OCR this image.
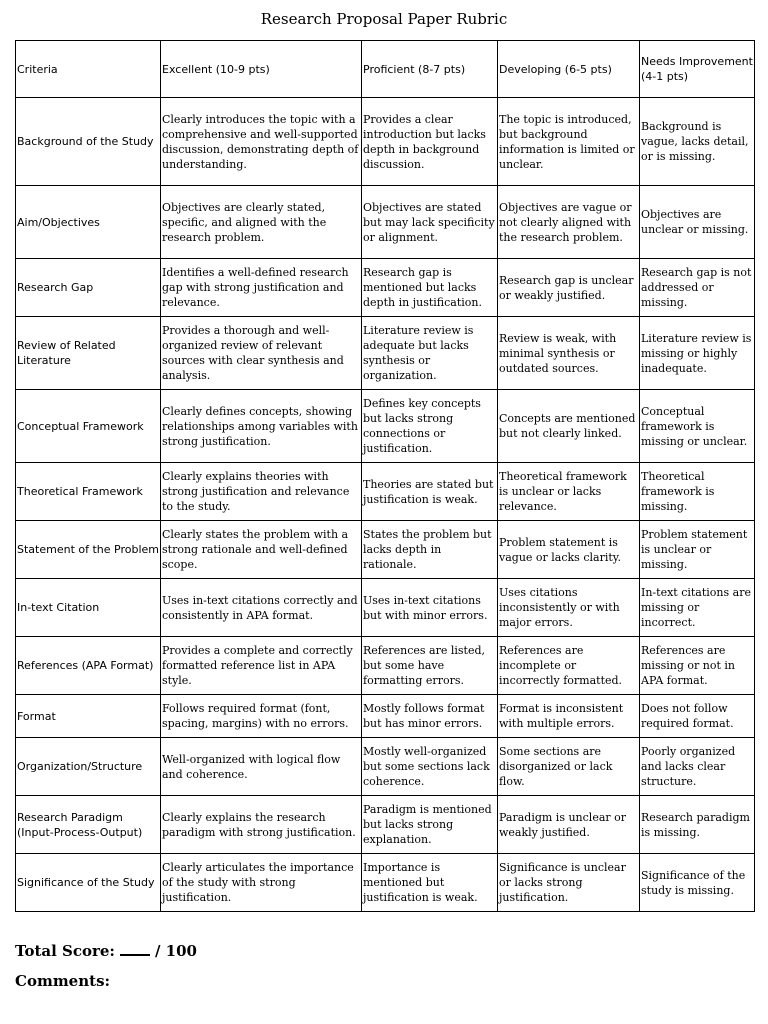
Research Proposal Paper Rubric
Criteria	Excellent (10-9 pts)	Proficient (8-7 pts)	Developing (6-5 pts)	Needs Improvement (4-1 pts)
Background of the Study	Clearly introduces the topic with a comprehensive and well-supported discussion, demonstrating depth of understanding.	Provides a clear introduction but lacks depth in background discussion.	The topic is introduced, but background information is limited or unclear.	Background is vague, lacks detail, or is missing.
Aim/Objectives	Objectives are clearly stated, specific, and aligned with the research problem.	Objectives are stated but may lack specificity or alignment.	Objectives are vague or not clearly aligned with the research problem.	Objectives are unclear or missing.
Research Gap	Identifies a well-defined research gap with strong justification and relevance.	Research gap is mentioned but lacks depth in justification.	Research gap is unclear or weakly justified.	Research gap is not addressed or missing.
Review of Related Literature	Provides a thorough and well-organized review of relevant sources with clear synthesis and analysis.	Literature review is adequate but lacks synthesis or organization.	Review is weak, with minimal synthesis or outdated sources.	Literature review is missing or highly inadequate.
Conceptual Framework	Clearly defines concepts, showing relationships among variables with strong justification.	Defines key concepts but lacks strong connections or justification.	Concepts are mentioned but not clearly linked.	Conceptual framework is missing or unclear.
Theoretical Framework	Clearly explains theories with strong justification and relevance to the study.	Theories are stated but justification is weak.	Theoretical framework is unclear or lacks relevance.	Theoretical framework is missing.
Statement of the Problem	Clearly states the problem with a strong rationale and well-defined scope.	States the problem but lacks depth in rationale.	Problem statement is vague or lacks clarity.	Problem statement is unclear or missing.
In-text Citation	Uses in-text citations correctly and consistently in APA format.	Uses in-text citations but with minor errors.	Uses citations inconsistently or with major errors.	In-text citations are missing or incorrect.
References (APA Format)	Provides a complete and correctly formatted reference list in APA style.	References are listed, but some have formatting errors.	References are incomplete or incorrectly formatted.	References are missing or not in APA format.
Format	Follows required format (font, spacing, margins) with no errors.	Mostly follows format but has minor errors.	Format is inconsistent with multiple errors.	Does not follow required format.
Organization/Structure	Well-organized with logical flow and coherence.	Mostly well-organized but some sections lack coherence.	Some sections are disorganized or lack flow.	Poorly organized and lacks clear structure.
Research Paradigm (Input-Process-Output)	Clearly explains the research paradigm with strong justification.	Paradigm is mentioned but lacks strong explanation.	Paradigm is unclear or weakly justified.	Research paradigm is missing.
Significance of the Study	Clearly articulates the importance of the study with strong justification.	Importance is mentioned but justification is weak.	Significance is unclear or lacks strong justification.	Significance of the study is missing.
Total Score:	/ 100
Comments:
